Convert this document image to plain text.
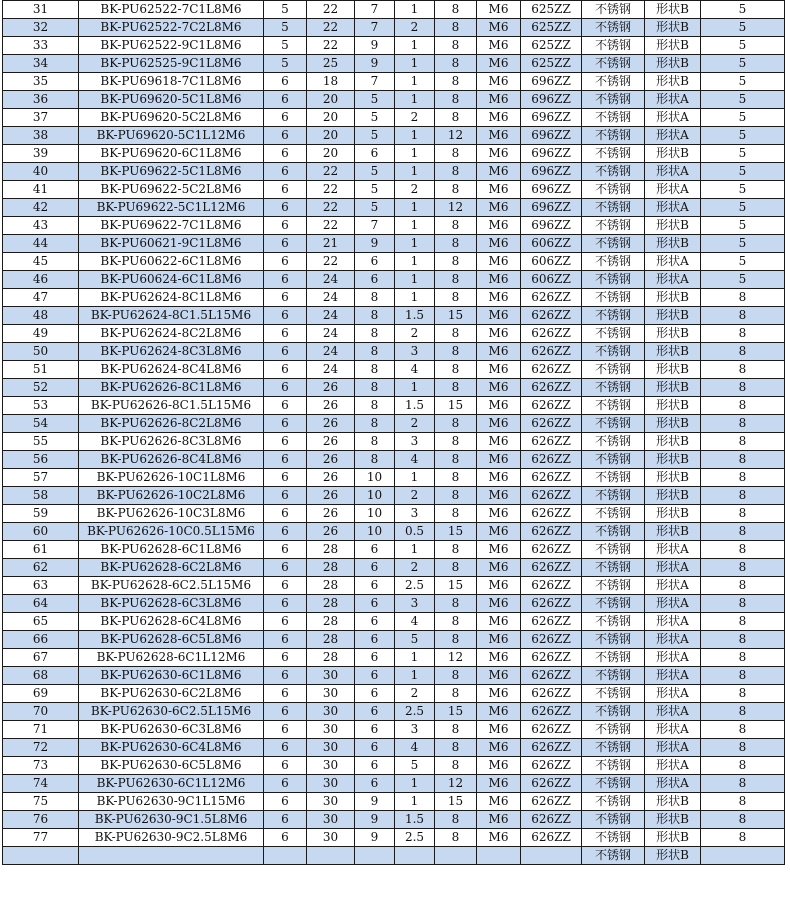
31	BK-PU62522-7C1L8M6	5	22	7	1	8	M6	625ZZ	不锈钢	形状B	5
32	BK-PU62522-7C2L8M6	5	22	7	2	8	M6	625ZZ	不锈钢	形状B	5
33	BK-PU62522-9C1L8M6	5	22	9	1	8	M6	625ZZ	不锈钢	形状B	5
34	BK-PU62525-9C1L8M6	5	25	9	1	8	M6	625ZZ	不锈钢	形状B	5
35	BK-PU69618-7C1L8M6	6	18	7	1	8	M6	696ZZ	不锈钢	形状B	5
36	BK-PU69620-5C1L8M6	6	20	5	1	8	M6	696ZZ	不锈钢	形状A	5
37	BK-PU69620-5C2L8M6	6	20	5	2	8	M6	696ZZ	不锈钢	形状A	5
38	BK-PU69620-5C1L12M6	6	20	5	1	12	M6	696ZZ	不锈钢	形状A	5
39	BK-PU69620-6C1L8M6	6	20	6	1	8	M6	696ZZ	不锈钢	形状B	5
40	BK-PU69622-5C1L8M6	6	22	5	1	8	M6	696ZZ	不锈钢	形状A	5
41	BK-PU69622-5C2L8M6	6	22	5	2	8	M6	696ZZ	不锈钢	形状A	5
42	BK-PU69622-5C1L12M6	6	22	5	1	12	M6	696ZZ	不锈钢	形状A	5
43	BK-PU69622-7C1L8M6	6	22	7	1	8	M6	696ZZ	不锈钢	形状B	5
44	BK-PU60621-9C1L8M6	6	21	9	1	8	M6	606ZZ	不锈钢	形状B	5
45	BK-PU60622-6C1L8M6	6	22	6	1	8	M6	606ZZ	不锈钢	形状A	5
46	BK-PU60624-6C1L8M6	6	24	6	1	8	M6	606ZZ	不锈钢	形状A	5
47	BK-PU62624-8C1L8M6	6	24	8	1	8	M6	626ZZ	不锈钢	形状B	8
48	BK-PU62624-8C1.5L15M6	6	24	8	1.5	15	M6	626ZZ	不锈钢	形状B	8
49	BK-PU62624-8C2L8M6	6	24	8	2	8	M6	626ZZ	不锈钢	形状B	8
50	BK-PU62624-8C3L8M6	6	24	8	3	8	M6	626ZZ	不锈钢	形状B	8
51	BK-PU62624-8C4L8M6	6	24	8	4	8	M6	626ZZ	不锈钢	形状B	8
52	BK-PU62626-8C1L8M6	6	26	8	1	8	M6	626ZZ	不锈钢	形状B	8
53	BK-PU62626-8C1.5L15M6	6	26	8	1.5	15	M6	626ZZ	不锈钢	形状B	8
54	BK-PU62626-8C2L8M6	6	26	8	2	8	M6	626ZZ	不锈钢	形状B	8
55	BK-PU62626-8C3L8M6	6	26	8	3	8	M6	626ZZ	不锈钢	形状B	8
56	BK-PU62626-8C4L8M6	6	26	8	4	8	M6	626ZZ	不锈钢	形状B	8
57	BK-PU62626-10C1L8M6	6	26	10	1	8	M6	626ZZ	不锈钢	形状B	8
58	BK-PU62626-10C2L8M6	6	26	10	2	8	M6	626ZZ	不锈钢	形状B	8
59	BK-PU62626-10C3L8M6	6	26	10	3	8	M6	626ZZ	不锈钢	形状B	8
60	BK-PU62626-10C0.5L15M6	6	26	10	0.5	15	M6	626ZZ	不锈钢	形状B	8
61	BK-PU62628-6C1L8M6	6	28	6	1	8	M6	626ZZ	不锈钢	形状A	8
62	BK-PU62628-6C2L8M6	6	28	6	2	8	M6	626ZZ	不锈钢	形状A	8
63	BK-PU62628-6C2.5L15M6	6	28	6	2.5	15	M6	626ZZ	不锈钢	形状A	8
64	BK-PU62628-6C3L8M6	6	28	6	3	8	M6	626ZZ	不锈钢	形状A	8
65	BK-PU62628-6C4L8M6	6	28	6	4	8	M6	626ZZ	不锈钢	形状A	8
66	BK-PU62628-6C5L8M6	6	28	6	5	8	M6	626ZZ	不锈钢	形状A	8
67	BK-PU62628-6C1L12M6	6	28	6	1	12	M6	626ZZ	不锈钢	形状A	8
68	BK-PU62630-6C1L8M6	6	30	6	1	8	M6	626ZZ	不锈钢	形状A	8
69	BK-PU62630-6C2L8M6	6	30	6	2	8	M6	626ZZ	不锈钢	形状A	8
70	BK-PU62630-6C2.5L15M6	6	30	6	2.5	15	M6	626ZZ	不锈钢	形状A	8
71	BK-PU62630-6C3L8M6	6	30	6	3	8	M6	626ZZ	不锈钢	形状A	8
72	BK-PU62630-6C4L8M6	6	30	6	4	8	M6	626ZZ	不锈钢	形状A	8
73	BK-PU62630-6C5L8M6	6	30	6	5	8	M6	626ZZ	不锈钢	形状A	8
74	BK-PU62630-6C1L12M6	6	30	6	1	12	M6	626ZZ	不锈钢	形状A	8
75	BK-PU62630-9C1L15M6	6	30	9	1	15	M6	626ZZ	不锈钢	形状B	8
76	BK-PU62630-9C1.5L8M6	6	30	9	1.5	8	M6	626ZZ	不锈钢	形状B	8
77	BK-PU62630-9C2.5L8M6	6	30	9	2.5	8	M6	626ZZ	不锈钢	形状B	8
									不锈钢	形状B	
